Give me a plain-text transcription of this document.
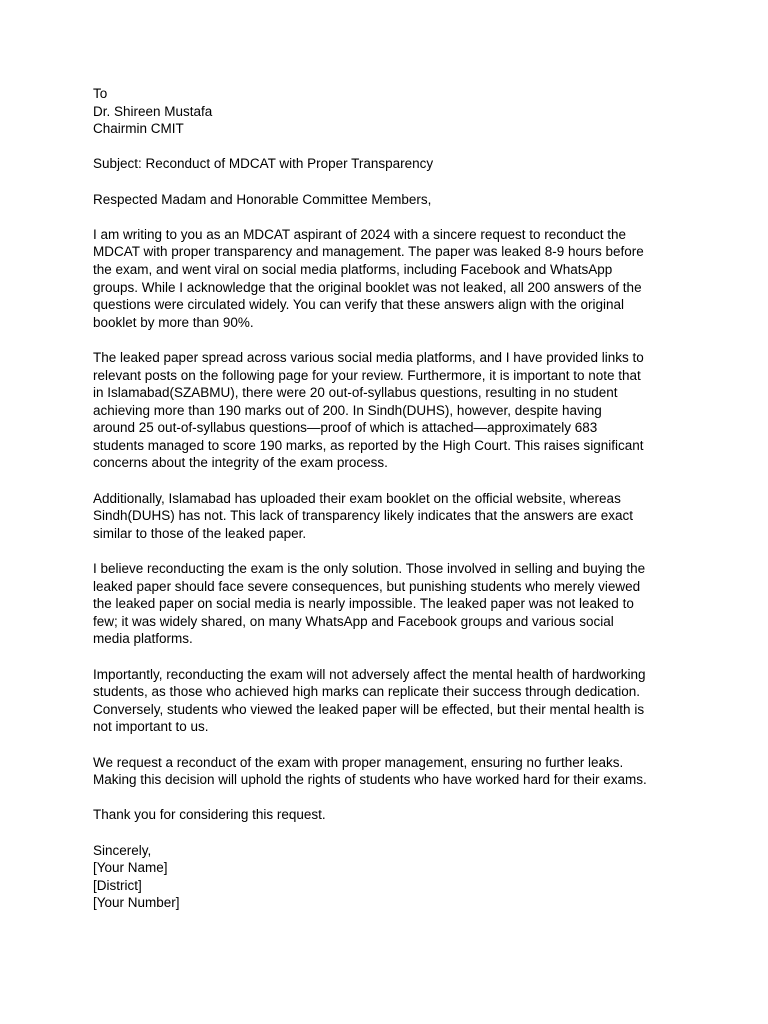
To
Dr. Shireen Mustafa
Chairmin CMIT
Subject: Reconduct of MDCAT with Proper Transparency
Respected Madam and Honorable Committee Members,
I am writing to you as an MDCAT aspirant of 2024 with a sincere request to reconduct the
MDCAT with proper transparency and management. The paper was leaked 8-9 hours before
the exam, and went viral on social media platforms, including Facebook and WhatsApp
groups. While I acknowledge that the original booklet was not leaked, all 200 answers of the
questions were circulated widely. You can verify that these answers align with the original
booklet by more than 90%.
The leaked paper spread across various social media platforms, and I have provided links to
relevant posts on the following page for your review. Furthermore, it is important to note that
in Islamabad(SZABMU), there were 20 out-of-syllabus questions, resulting in no student
achieving more than 190 marks out of 200. In Sindh(DUHS), however, despite having
around 25 out-of-syllabus questions—proof of which is attached—approximately 683
students managed to score 190 marks, as reported by the High Court. This raises significant
concerns about the integrity of the exam process.
Additionally, Islamabad has uploaded their exam booklet on the official website, whereas
Sindh(DUHS) has not. This lack of transparency likely indicates that the answers are exact
similar to those of the leaked paper.
I believe reconducting the exam is the only solution. Those involved in selling and buying the
leaked paper should face severe consequences, but punishing students who merely viewed
the leaked paper on social media is nearly impossible. The leaked paper was not leaked to
few; it was widely shared, on many WhatsApp and Facebook groups and various social
media platforms.
Importantly, reconducting the exam will not adversely affect the mental health of hardworking
students, as those who achieved high marks can replicate their success through dedication.
Conversely, students who viewed the leaked paper will be effected, but their mental health is
not important to us.
We request a reconduct of the exam with proper management, ensuring no further leaks.
Making this decision will uphold the rights of students who have worked hard for their exams.
Thank you for considering this request.
Sincerely,
[Your Name]
[District]
[Your Number]
